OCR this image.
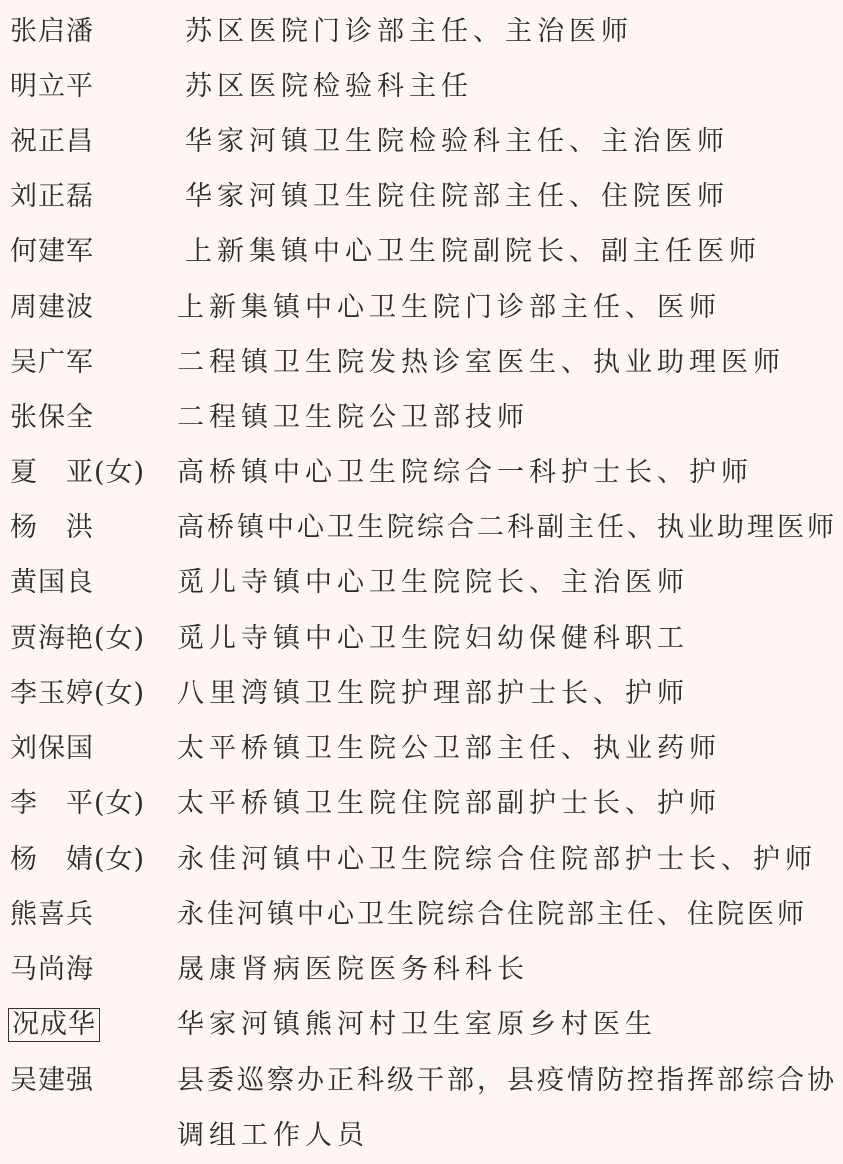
张启潘	苏区医院门诊部主任、主治医师
明立平	苏区医院检验科主任
祝正昌	华家河镇卫生院检验科主任、主治医师
刘正磊	华家河镇卫生院住院部主任、住院医师
何建军	上新集镇中心卫生院副院长、副主任医师
周建波	上新集镇中心卫生院门诊部主任、医师
吴广军	二程镇卫生院发热诊室医生、执业助理医师
张保全	二程镇卫生院公卫部技师
夏　亚(女) 高桥镇中心卫生院综合一科护士长、护师
杨　洪	高桥镇中心卫生院综合二科副主任、执业助理医师
黄国良	觅儿寺镇中心卫生院院长、主治医师
贾海艳(女) 觅儿寺镇中心卫生院妇幼保健科职工
李玉婷(女) 八里湾镇卫生院护理部护士长、护师
刘保国	太平桥镇卫生院公卫部主任、执业药师
李　平(女) 太平桥镇卫生院住院部副护士长、护师
杨　婧(女) 永佳河镇中心卫生院综合住院部护士长、护师
熊喜兵	永佳河镇中心卫生院综合住院部主任、住院医师
马尚海	晟康肾病医院医务科科长
况成华	华家河镇熊河村卫生室原乡村医生
吴建强	县委巡察办正科级干部，县疫情防控指挥部综合协
调组工作人员
